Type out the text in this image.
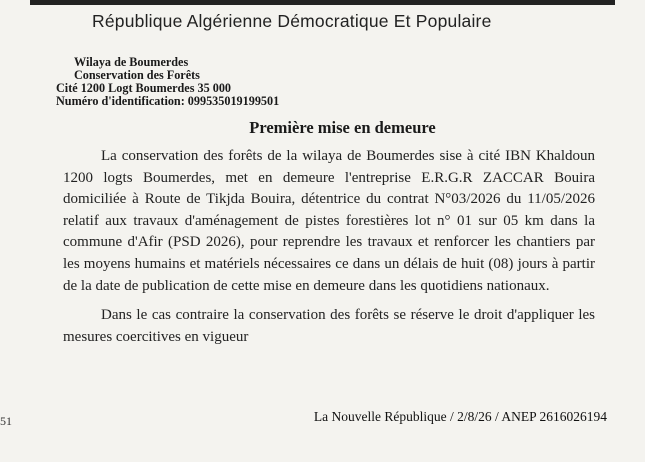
République Algérienne Démocratique Et Populaire
Wilaya de Boumerdes
Conservation des Forêts
Cité 1200 Logt Boumerdes 35 000
Numéro d'identification: 099535019199501
Première mise en demeure

La conservation des forêts de la wilaya de Boumerdes sise à cité IBN Khaldoun 1200 logts Boumerdes, met en demeure l'entreprise E.R.G.R ZACCAR Bouira domiciliée à Route de Tikjda Bouira, détentrice du contrat N°03/2026 du 11/05/2026 relatif aux travaux d'aménagement de pistes forestières lot n° 01 sur 05 km dans la commune d'Afir (PSD 2026), pour reprendre les travaux et renforcer les chantiers par les moyens humains et matériels nécessaires ce dans un délais de huit (08) jours à partir de la date de publication de cette mise en demeure dans les quotidiens nationaux.

Dans le cas contraire la conservation des forêts se réserve le droit d'appliquer les mesures coercitives en vigueur

51	La Nouvelle République / 2/8/26 / ANEP 2616026194
